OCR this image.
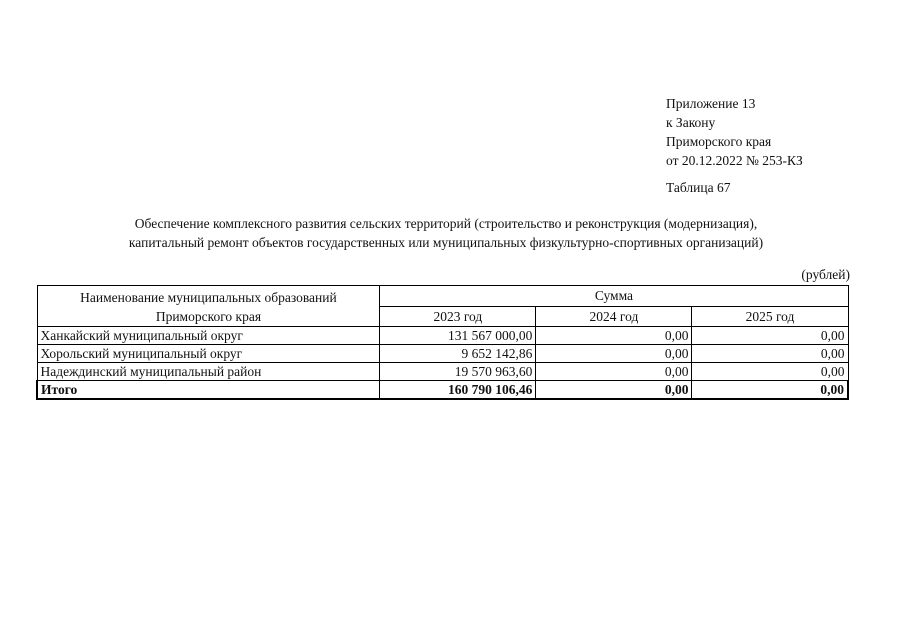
Приложение 13
к Закону
Приморского края
от 20.12.2022 № 253-КЗ
Таблица 67
Обеспечение комплексного развития сельских территорий (строительство и реконструкция (модернизация),
капитальный ремонт объектов государственных или муниципальных физкультурно-спортивных организаций)
(рублей)
Наименование муниципальных образований
Приморского края	Сумма		
	2023 год	2024 год	2025 год
Ханкайский муниципальный округ	131 567 000,00	0,00	0,00
Хорольский муниципальный округ	9 652 142,86	0,00	0,00
Надеждинский муниципальный район	19 570 963,60	0,00	0,00
Итого	160 790 106,46	0,00	0,00
